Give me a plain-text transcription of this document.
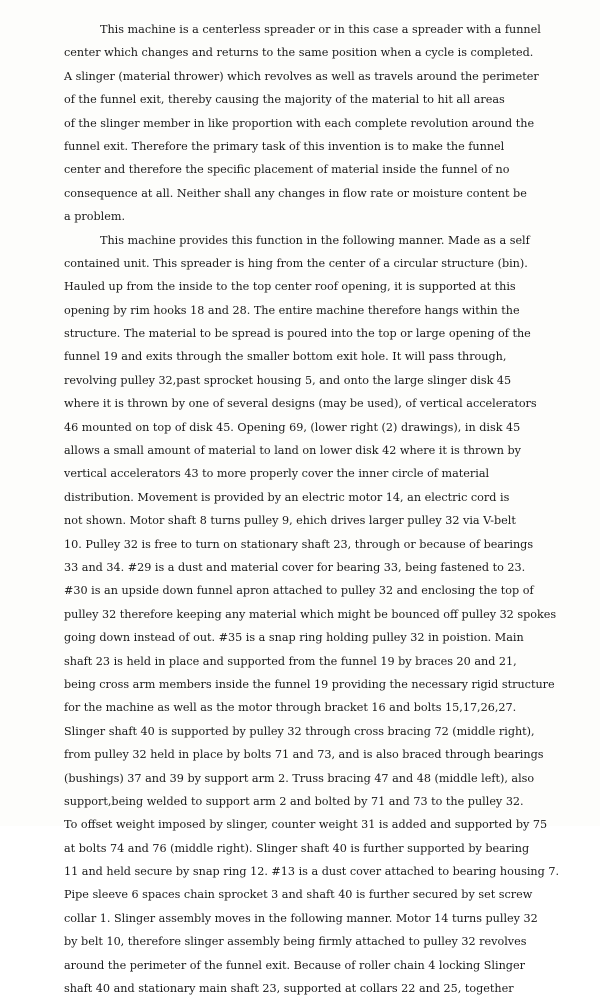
This machine is a centerless spreader or in this case a spreader with a funnel
center which changes and returns to the same position when a cycle is completed.
A slinger (material thrower) which revolves as well as travels around the perimeter
of the funnel exit, thereby causing the majority of the material to hit all areas
of the slinger member in like proportion with each complete revolution around the
funnel exit. Therefore the primary task of this invention is to make the funnel
center and therefore the specific placement of material inside the funnel of no
consequence at all. Neither shall any changes in flow rate or moisture content be
a problem.

This machine provides this function in the following manner. Made as a self
contained unit. This spreader is hing from the center of a circular structure (bin).
Hauled up from the inside to the top center roof opening, it is supported at this
opening by rim hooks 18 and 28. The entire machine therefore hangs within the
structure. The material to be spread is poured into the top or large opening of the
funnel 19 and exits through the smaller bottom exit hole. It will pass through,
revolving pulley 32,past sprocket housing 5, and onto the large slinger disk 45
where it is thrown by one of several designs (may be used), of vertical accelerators
46 mounted on top of disk 45. Opening 69, (lower right (2) drawings), in disk 45
allows a small amount of material to land on lower disk 42 where it is thrown by
vertical accelerators 43 to more properly cover the inner circle of material
distribution. Movement is provided by an electric motor 14, an electric cord is
not shown. Motor shaft 8 turns pulley 9, ehich drives larger pulley 32 via V-belt
10. Pulley 32 is free to turn on stationary shaft 23, through or because of bearings
33 and 34. #29 is a dust and material cover for bearing 33, being fastened to 23.
#30 is an upside down funnel apron attached to pulley 32 and enclosing the top of
pulley 32 therefore keeping any material which might be bounced off pulley 32 spokes
going down instead of out. #35 is a snap ring holding pulley 32 in poistion. Main
shaft 23 is held in place and supported from the funnel 19 by braces 20 and 21,
being cross arm members inside the funnel 19 providing the necessary rigid structure
for the machine as well as the motor through bracket 16 and bolts 15,17,26,27.
Slinger shaft 40 is supported by pulley 32 through cross bracing 72 (middle right),
from pulley 32 held in place by bolts 71 and 73, and is also braced through bearings
(bushings) 37 and 39 by support arm 2. Truss bracing 47 and 48 (middle left), also
support,being welded to support arm 2 and bolted by 71 and 73 to the pulley 32.
To offset weight imposed by slinger, counter weight 31 is added and supported by 75
at bolts 74 and 76 (middle right). Slinger shaft 40 is further supported by bearing
11 and held secure by snap ring 12. #13 is a dust cover attached to bearing housing 7.
Pipe sleeve 6 spaces chain sprocket 3 and shaft 40 is further secured by set screw
collar 1. Slinger assembly moves in the following manner. Motor 14 turns pulley 32
by belt 10, therefore slinger assembly being firmly attached to pulley 32 revolves
around the perimeter of the funnel exit. Because of roller chain 4 locking Slinger
shaft 40 and stationary main shaft 23, supported at collars 22 and 25, together
